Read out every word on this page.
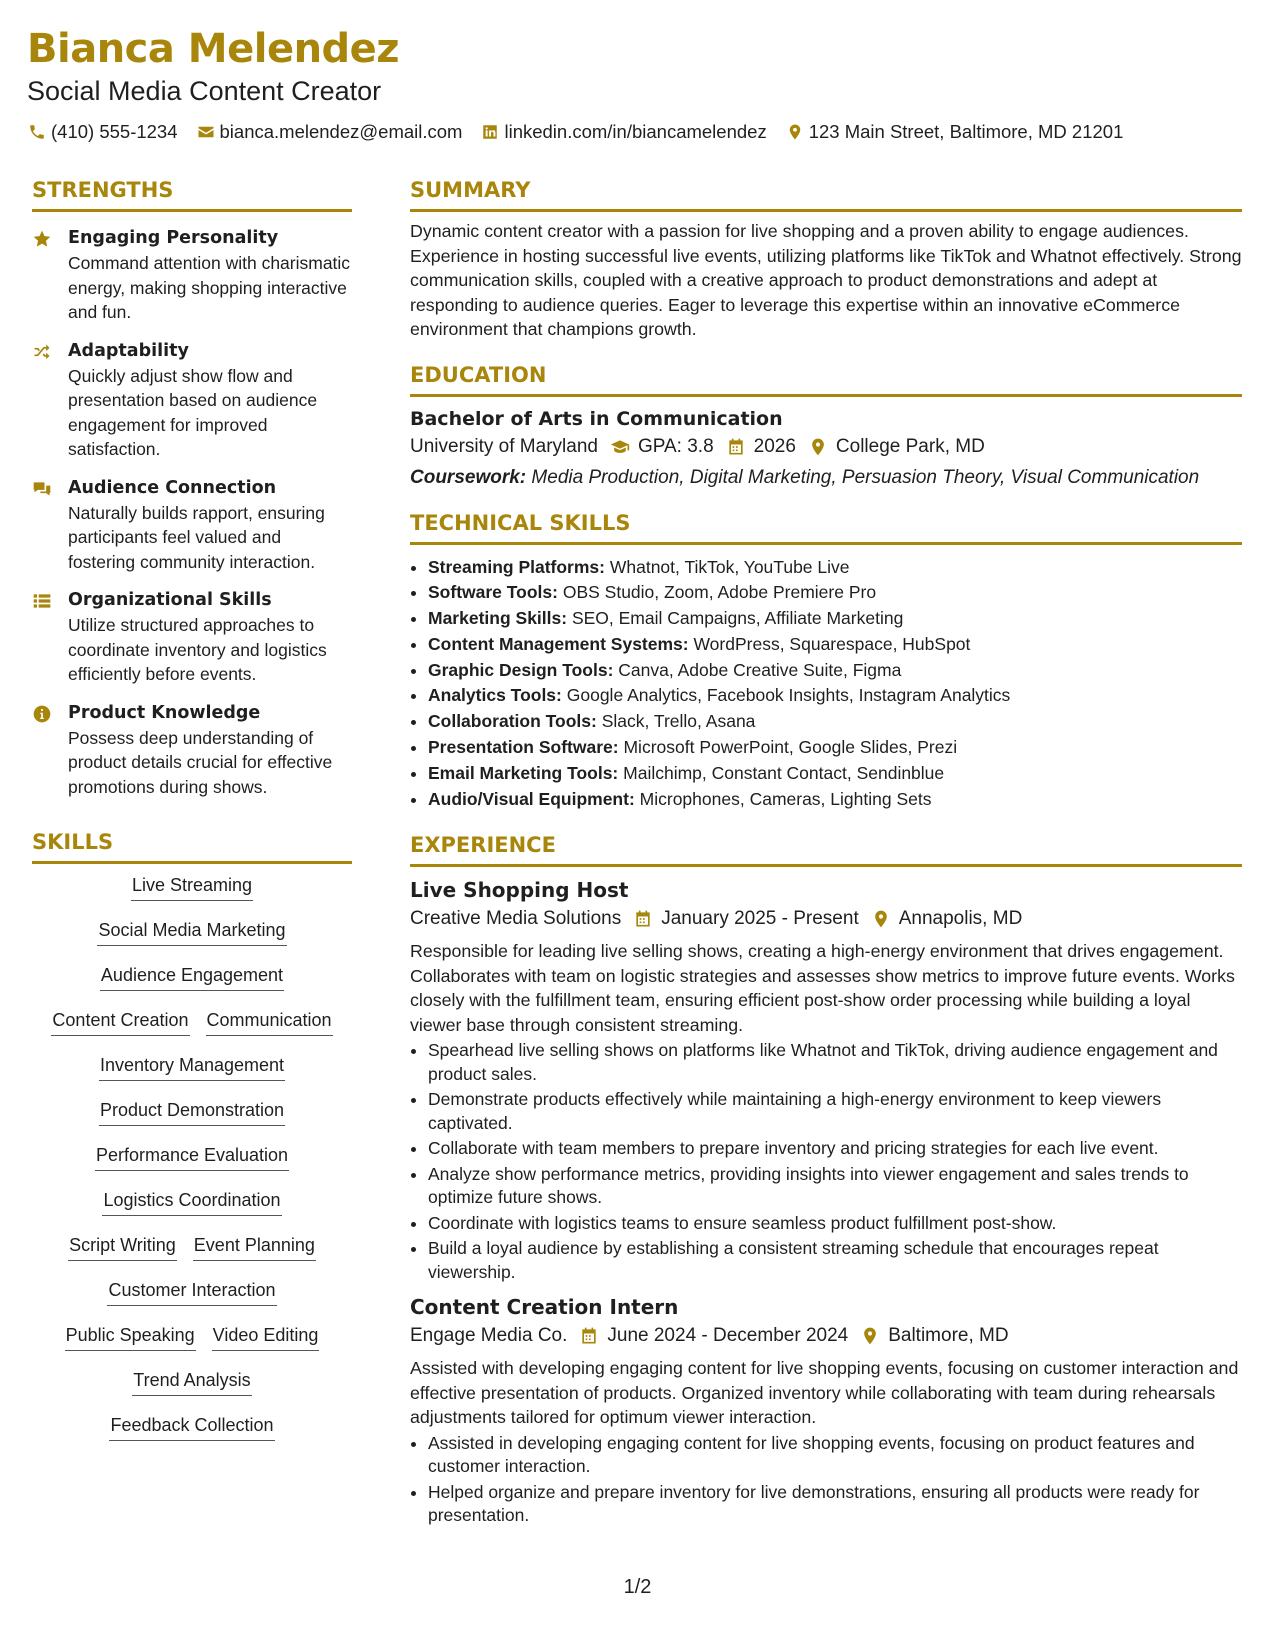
Bianca Melendez
Social Media Content Creator
(410) 555-1234 bianca.melendez@email.com linkedin.com/in/biancamelendez 123 Main Street, Baltimore, MD 21201
STRENGTHS
Engaging Personality
Command attention with charismatic energy, making shopping interactive and fun.
Adaptability
Quickly adjust show flow and presentation based on audience engagement for improved satisfaction.
Audience Connection
Naturally builds rapport, ensuring participants feel valued and fostering community interaction.
Organizational Skills
Utilize structured approaches to coordinate inventory and logistics efficiently before events.
Product Knowledge
Possess deep understanding of product details crucial for effective promotions during shows.
SKILLS
Live Streaming
Social Media Marketing
Audience Engagement
Content Creation Communication
Inventory Management
Product Demonstration
Performance Evaluation
Logistics Coordination
Script Writing Event Planning
Customer Interaction
Public Speaking Video Editing
Trend Analysis
Feedback Collection
SUMMARY
Dynamic content creator with a passion for live shopping and a proven ability to engage audiences. Experience in hosting successful live events, utilizing platforms like TikTok and Whatnot effectively. Strong communication skills, coupled with a creative approach to product demonstrations and adept at responding to audience queries. Eager to leverage this expertise within an innovative eCommerce environment that champions growth.
EDUCATION
Bachelor of Arts in Communication
University of Maryland GPA: 3.8 2026 College Park, MD
Coursework: Media Production, Digital Marketing, Persuasion Theory, Visual Communication
TECHNICAL SKILLS
• Streaming Platforms: Whatnot, TikTok, YouTube Live
• Software Tools: OBS Studio, Zoom, Adobe Premiere Pro
• Marketing Skills: SEO, Email Campaigns, Affiliate Marketing
• Content Management Systems: WordPress, Squarespace, HubSpot
• Graphic Design Tools: Canva, Adobe Creative Suite, Figma
• Analytics Tools: Google Analytics, Facebook Insights, Instagram Analytics
• Collaboration Tools: Slack, Trello, Asana
• Presentation Software: Microsoft PowerPoint, Google Slides, Prezi
• Email Marketing Tools: Mailchimp, Constant Contact, Sendinblue
• Audio/Visual Equipment: Microphones, Cameras, Lighting Sets
EXPERIENCE
Live Shopping Host
Creative Media Solutions January 2025 - Present Annapolis, MD
Responsible for leading live selling shows, creating a high-energy environment that drives engagement. Collaborates with team on logistic strategies and assesses show metrics to improve future events. Works closely with the fulfillment team, ensuring efficient post-show order processing while building a loyal viewer base through consistent streaming.
• Spearhead live selling shows on platforms like Whatnot and TikTok, driving audience engagement and product sales.
• Demonstrate products effectively while maintaining a high-energy environment to keep viewers captivated.
• Collaborate with team members to prepare inventory and pricing strategies for each live event.
• Analyze show performance metrics, providing insights into viewer engagement and sales trends to optimize future shows.
• Coordinate with logistics teams to ensure seamless product fulfillment post-show.
• Build a loyal audience by establishing a consistent streaming schedule that encourages repeat viewership.
Content Creation Intern
Engage Media Co. June 2024 - December 2024 Baltimore, MD
Assisted with developing engaging content for live shopping events, focusing on customer interaction and effective presentation of products. Organized inventory while collaborating with team during rehearsals adjustments tailored for optimum viewer interaction.
• Assisted in developing engaging content for live shopping events, focusing on product features and customer interaction.
• Helped organize and prepare inventory for live demonstrations, ensuring all products were ready for presentation.
1/2
